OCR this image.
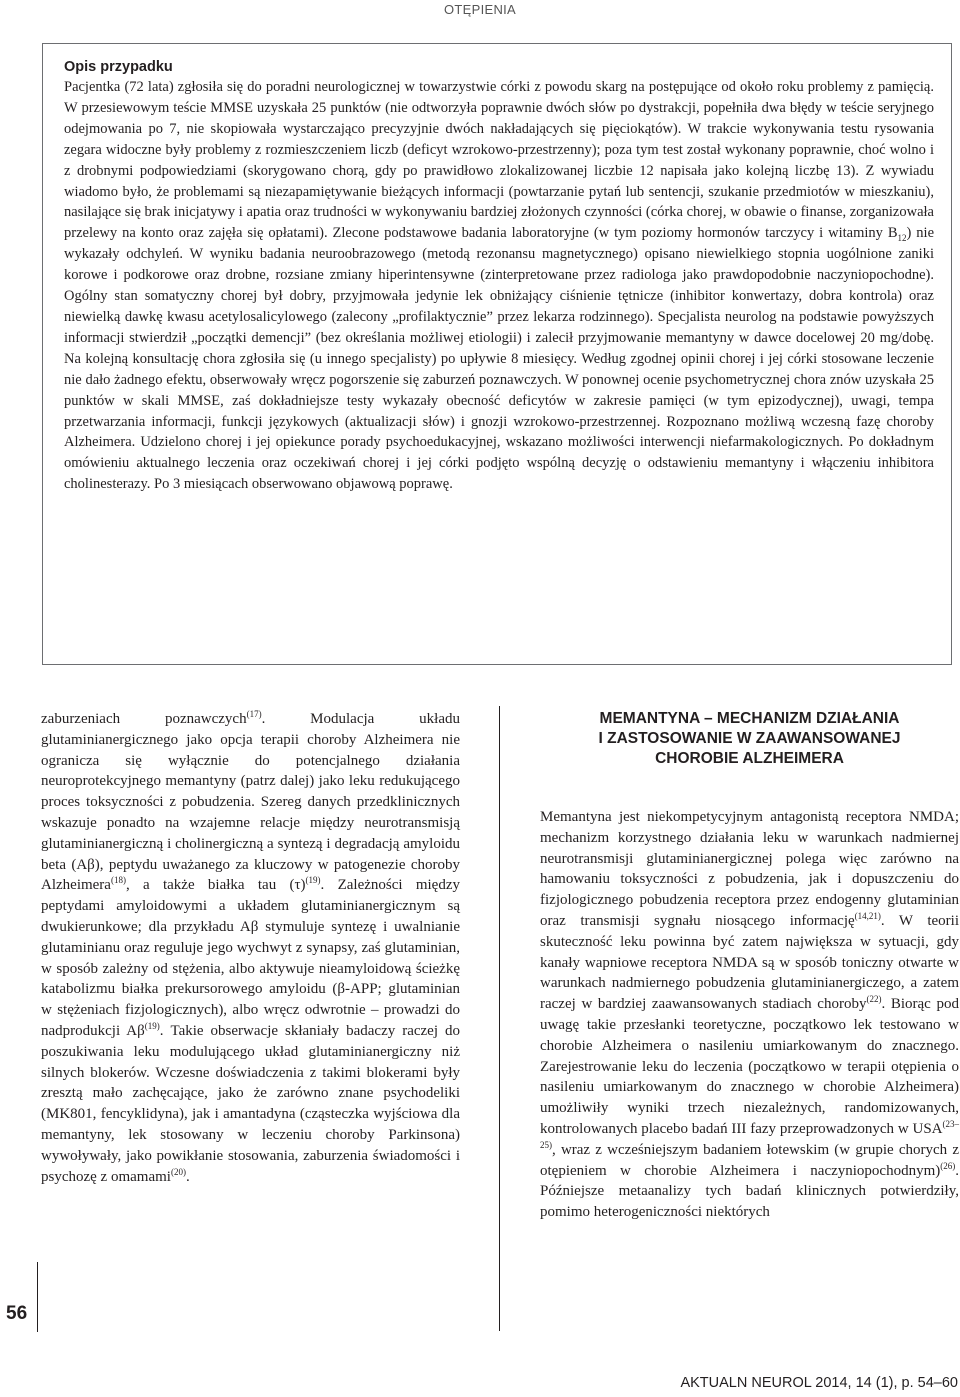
OTĘPIENIA

Opis przypadku

Pacjentka (72 lata) zgłosiła się do poradni neurologicznej w towarzystwie córki z powodu skarg na postępujące od około roku problemy z pamięcią. W przesiewowym teście MMSE uzyskała 25 punktów (nie odtworzyła poprawnie dwóch słów po dystrakcji, popełniła dwa błędy w teście seryjnego odejmowania po 7, nie skopiowała wystarczająco precyzyjnie dwóch nakładających się pięciokątów). W trakcie wykonywania testu rysowania zegara widoczne były problemy z rozmieszczeniem liczb (deficyt wzrokowo-przestrzenny); poza tym test został wykonany poprawnie, choć wolno i z drobnymi podpowiedziami (skorygowano chorą, gdy po prawidłowo zlokalizowanej liczbie 12 napisała jako kolejną liczbę 13). Z wywiadu wiadomo było, że problemami są niezapamiętywanie bieżących informacji (powtarzanie pytań lub sentencji, szukanie przedmiotów w mieszkaniu), nasilające się brak inicjatywy i apatia oraz trudności w wykonywaniu bardziej złożonych czynności (córka chorej, w obawie o finanse, zorganizowała przelewy na konto oraz zajęła się opłatami). Zlecone podstawowe badania laboratoryjne (w tym poziomy hormonów tarczycy i witaminy $B_{12}$) nie wykazały odchyleń. W wyniku badania neuroobrazowego (metodą rezonansu magnetycznego) opisano niewielkiego stopnia uogólnione zaniki korowe i podkorowe oraz drobne, rozsiane zmiany hiperintensywne (zinterpretowane przez radiologa jako prawdopodobnie naczyniopochodne). Ogólny stan somatyczny chorej był dobry, przyjmowała jedynie lek obniżający ciśnienie tętnicze (inhibitor konwertazy, dobra kontrola) oraz niewielką dawkę kwasu acetylosalicylowego (zalecony „profilaktycznie” przez lekarza rodzinnego). Specjalista neurolog na podstawie powyższych informacji stwierdził „początki demencji” (bez określania możliwej etiologii) i zalecił przyjmowanie memantyny w dawce docelowej 20 mg/dobę. Na kolejną konsultację chora zgłosiła się (u innego specjalisty) po upływie 8 miesięcy. Według zgodnej opinii chorej i jej córki stosowane leczenie nie dało żadnego efektu, obserwowały wręcz pogorszenie się zaburzeń poznawczych. W ponownej ocenie psychometrycznej chora znów uzyskała 25 punktów w skali MMSE, zaś dokładniejsze testy wykazały obecność deficytów w zakresie pamięci (w tym epizodycznej), uwagi, tempa przetwarzania informacji, funkcji językowych (aktualizacji słów) i gnozji wzrokowo-przestrzennej. Rozpoznano możliwą wczesną fazę choroby Alzheimera. Udzielono chorej i jej opiekunce porady psychoedukacyjnej, wskazano możliwości interwencji niefarmakologicznych. Po dokładnym omówieniu aktualnego leczenia oraz oczekiwań chorej i jej córki podjęto wspólną decyzję o odstawieniu memantyny i włączeniu inhibitora cholinesterazy. Po 3 miesiącach obserwowano objawową poprawę.

zaburzeniach poznawczych$^{(17)}$. Modulacja układu glutaminianergicznego jako opcja terapii choroby Alzheimera nie ogranicza się wyłącznie do potencjalnego działania neuroprotekcyjnego memantyny (patrz dalej) jako leku redukującego proces toksyczności z pobudzenia. Szereg danych przedklinicznych wskazuje ponadto na wzajemne relacje między neurotransmisją glutaminianergiczną i cholinergiczną a syntezą i degradacją amyloidu beta (Aβ), peptydu uważanego za kluczowy w patogenezie choroby Alzheimera$^{(18)}$, a także białka tau $(\tau)^{(19)}$. Zależności między peptydami amyloidowymi a układem glutaminianergicznym są dwukierunkowe; dla przykładu Aβ stymuluje syntezę i uwalnianie glutaminianu oraz reguluje jego wychwyt z synapsy, zaś glutaminian, w sposób zależny od stężenia, albo aktywuje nieamyloidową ścieżkę katabolizmu białka prekursorowego amyloidu (β-APP; glutaminian w stężeniach fizjologicznych), albo wręcz odwrotnie – prowadzi do nadprodukcji $A\beta^{(19)}$. Takie obserwacje skłaniały badaczy raczej do poszukiwania leku modulującego układ glutaminianergiczny niż silnych blokerów. Wczesne doświadczenia z takimi blokerami były zresztą mało zachęcające, jako że zarówno znane psychodeliki (MK801, fencyklidyna), jak i amantadyna (cząsteczka wyjściowa dla memantyny, lek stosowany w leczeniu choroby Parkinsona) wywoływały, jako powikłanie stosowania, zaburzenia świadomości i psychozę z omamami$^{(20)}$.

MEMANTYNA – MECHANIZM DZIAŁANIA
I ZASTOSOWANIE W ZAAWANSOWANEJ
CHOROBIE ALZHEIMERA

Memantyna jest niekompetycyjnym antagonistą receptora NMDA; mechanizm korzystnego działania leku w warunkach nadmiernej neurotransmisji glutaminianergicznej polega więc zarówno na hamowaniu toksyczności z pobudzenia, jak i dopuszczeniu do fizjologicznego pobudzenia receptora przez endogenny glutaminian oraz transmisji sygnału niosącego informację$^{(14,21)}$. W teorii skuteczność leku powinna być zatem największa w sytuacji, gdy kanały wapniowe receptora NMDA są w sposób toniczny otwarte w warunkach nadmiernego pobudzenia glutaminianergiczego, a zatem raczej w bardziej zaawansowanych stadiach choroby$^{(22)}$. Biorąc pod uwagę takie przesłanki teoretyczne, początkowo lek testowano w chorobie Alzheimera o nasileniu umiarkowanym do znacznego. Zarejestrowanie leku do leczenia (początkowo w terapii otępienia o nasileniu umiarkowanym do znacznego w chorobie Alzheimera) umożliwiły wyniki trzech niezależnych, randomizowanych, kontrolowanych placebo badań III fazy przeprowadzonych w USA$^{(23-25)}$, wraz z wcześniejszym badaniem łotewskim (w grupie chorych z otępieniem w chorobie Alzheimera i naczyniopochodnym)$^{(26)}$. Późniejsze metaanalizy tych badań klinicznych potwierdziły, pomimo heterogeniczności niektórych

56
AKTUALN NEUROL 2014, 14 (1), p. 54–60
